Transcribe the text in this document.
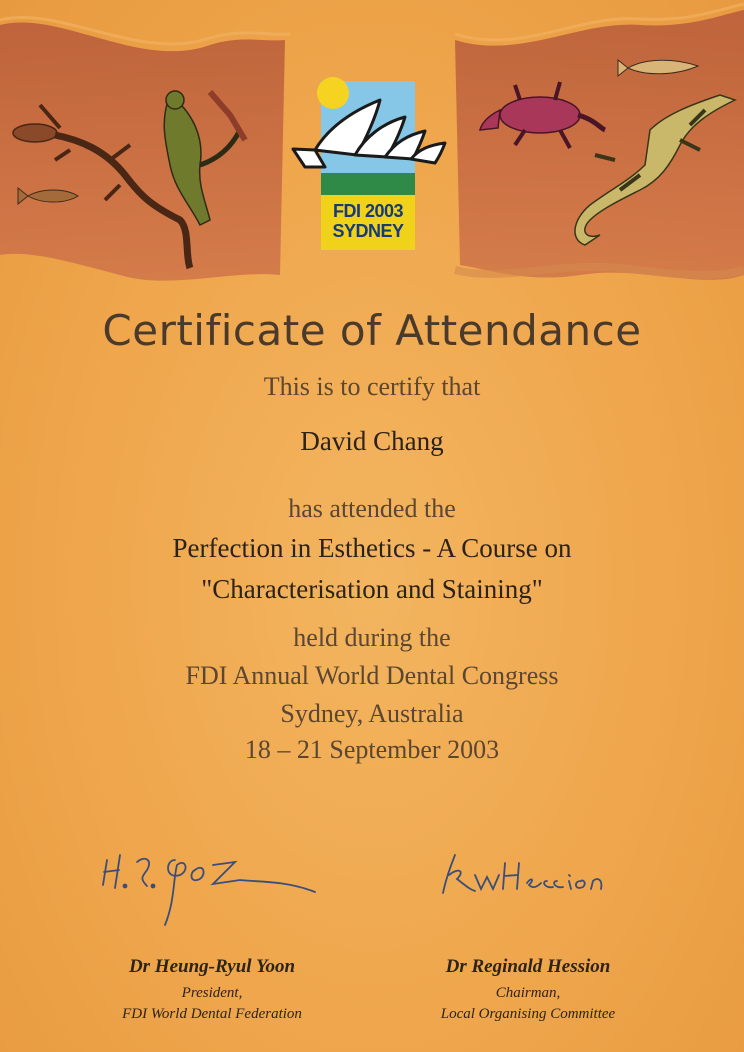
FDI 2003
SYDNEY
Certificate of Attendance
This is to certify that
David Chang
has attended the
Perfection in Esthetics - A Course on
"Characterisation and Staining"
held during the
FDI Annual World Dental Congress
Sydney, Australia
18 – 21 September 2003
Dr Heung-Ryul Yoon
President,
FDI World Dental Federation
Dr Reginald Hession
Chairman,
Local Organising Committee
